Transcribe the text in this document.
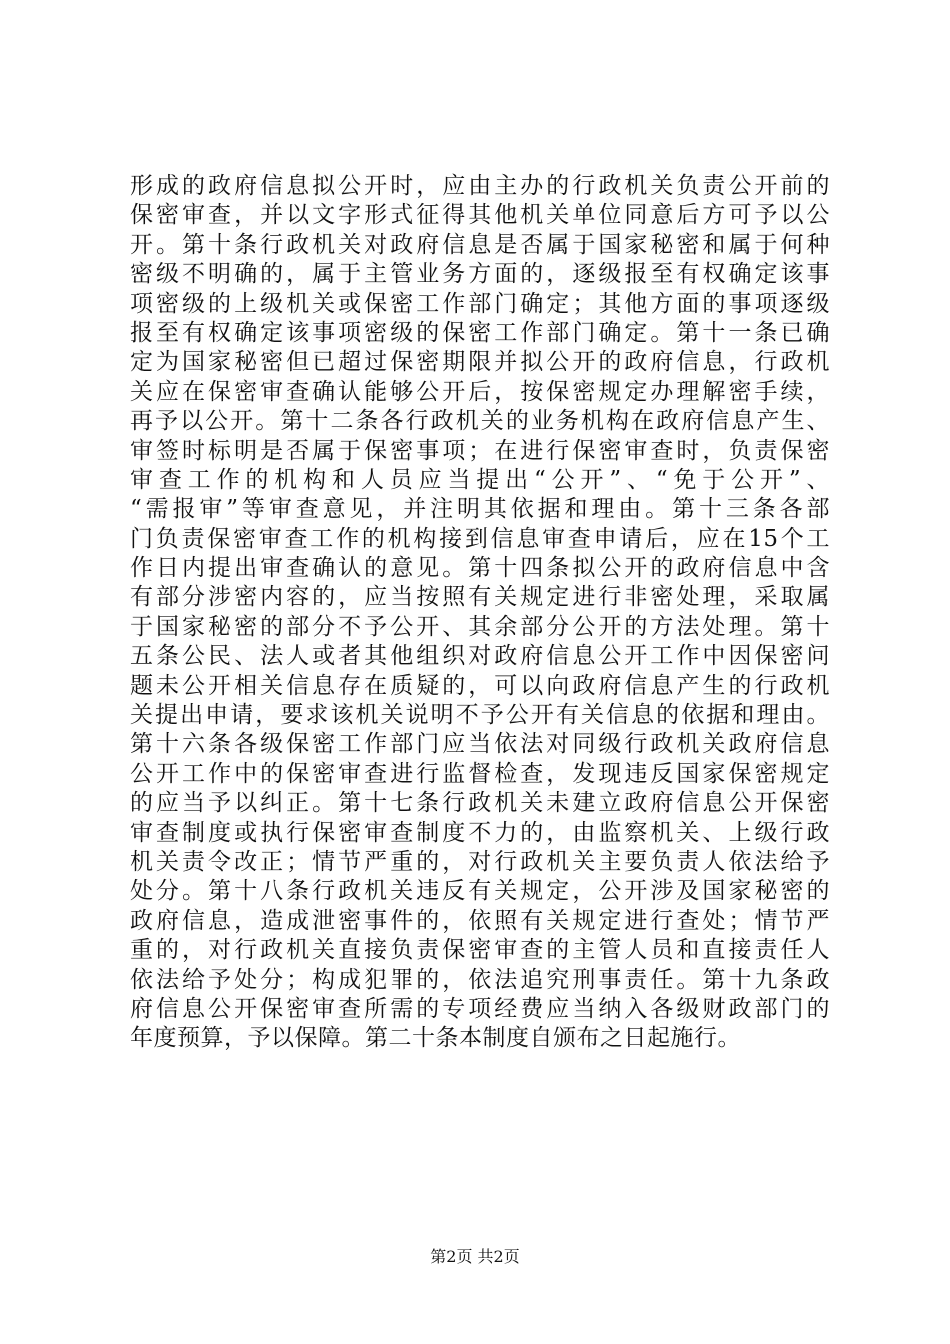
形成的政府信息拟公开时，应由主办的行政机关负责公开前的
保密审查，并以文字形式征得其他机关单位同意后方可予以公
开。第十条行政机关对政府信息是否属于国家秘密和属于何种
密级不明确的，属于主管业务方面的，逐级报至有权确定该事
项密级的上级机关或保密工作部门确定；其他方面的事项逐级
报至有权确定该事项密级的保密工作部门确定。第十一条已确
定为国家秘密但已超过保密期限并拟公开的政府信息，行政机
关应在保密审查确认能够公开后，按保密规定办理解密手续，
再予以公开。第十二条各行政机关的业务机构在政府信息产生、
审签时标明是否属于保密事项；在进行保密审查时，负责保密
审查工作的机构和人员应当提出“公开”、“免于公开”、
“需报审”等审查意见，并注明其依据和理由。第十三条各部
门负责保密审查工作的机构接到信息审查申请后，应在15个工
作日内提出审查确认的意见。第十四条拟公开的政府信息中含
有部分涉密内容的，应当按照有关规定进行非密处理，采取属
于国家秘密的部分不予公开、其余部分公开的方法处理。第十
五条公民、法人或者其他组织对政府信息公开工作中因保密问
题未公开相关信息存在质疑的，可以向政府信息产生的行政机
关提出申请，要求该机关说明不予公开有关信息的依据和理由。
第十六条各级保密工作部门应当依法对同级行政机关政府信息
公开工作中的保密审查进行监督检查，发现违反国家保密规定
的应当予以纠正。第十七条行政机关未建立政府信息公开保密
审查制度或执行保密审查制度不力的，由监察机关、上级行政
机关责令改正；情节严重的，对行政机关主要负责人依法给予
处分。第十八条行政机关违反有关规定，公开涉及国家秘密的
政府信息，造成泄密事件的，依照有关规定进行查处；情节严
重的，对行政机关直接负责保密审查的主管人员和直接责任人
依法给予处分；构成犯罪的，依法追究刑事责任。第十九条政
府信息公开保密审查所需的专项经费应当纳入各级财政部门的
年度预算，予以保障。第二十条本制度自颁布之日起施行。
第2页 共2页
